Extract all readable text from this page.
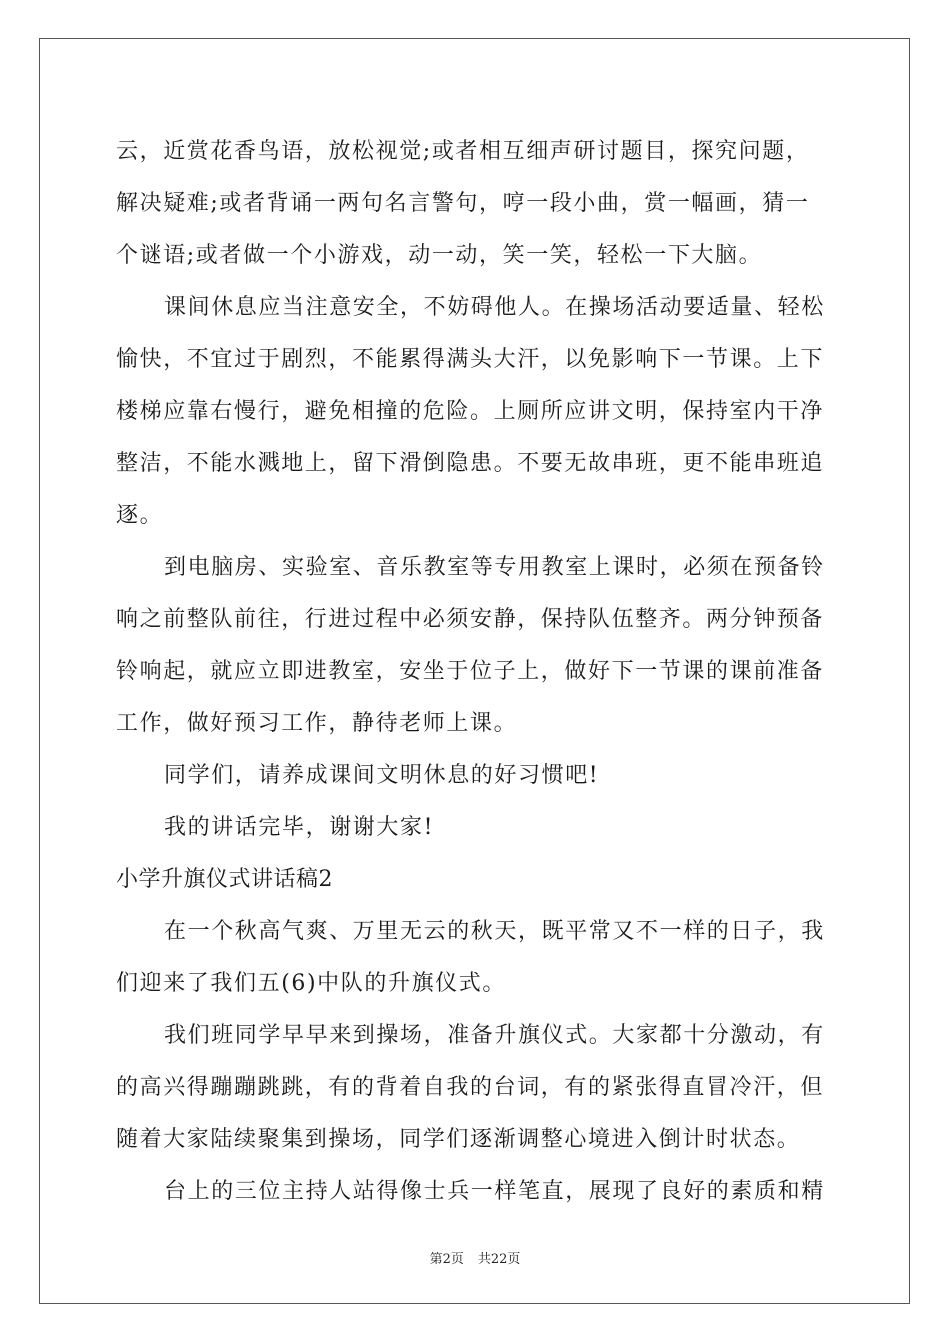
云，近赏花香鸟语，放松视觉;或者相互细声研讨题目，探究问题，
解决疑难;或者背诵一两句名言警句，哼一段小曲，赏一幅画，猜一
个谜语;或者做一个小游戏，动一动，笑一笑，轻松一下大脑。
课间休息应当注意安全，不妨碍他人。在操场活动要适量、轻松
愉快，不宜过于剧烈，不能累得满头大汗，以免影响下一节课。上下
楼梯应靠右慢行，避免相撞的危险。上厕所应讲文明，保持室内干净
整洁，不能水溅地上，留下滑倒隐患。不要无故串班，更不能串班追
逐。
到电脑房、实验室、音乐教室等专用教室上课时，必须在预备铃
响之前整队前往，行进过程中必须安静，保持队伍整齐。两分钟预备
铃响起，就应立即进教室，安坐于位子上，做好下一节课的课前准备
工作，做好预习工作，静待老师上课。
同学们，请养成课间文明休息的好习惯吧!
我的讲话完毕，谢谢大家!
小学升旗仪式讲话稿2
在一个秋高气爽、万里无云的秋天，既平常又不一样的日子，我
们迎来了我们五(6)中队的升旗仪式。
我们班同学早早来到操场，准备升旗仪式。大家都十分激动，有
的高兴得蹦蹦跳跳，有的背着自我的台词，有的紧张得直冒冷汗，但
随着大家陆续聚集到操场，同学们逐渐调整心境进入倒计时状态。
台上的三位主持人站得像士兵一样笔直，展现了良好的素质和精
第2页 共22页
